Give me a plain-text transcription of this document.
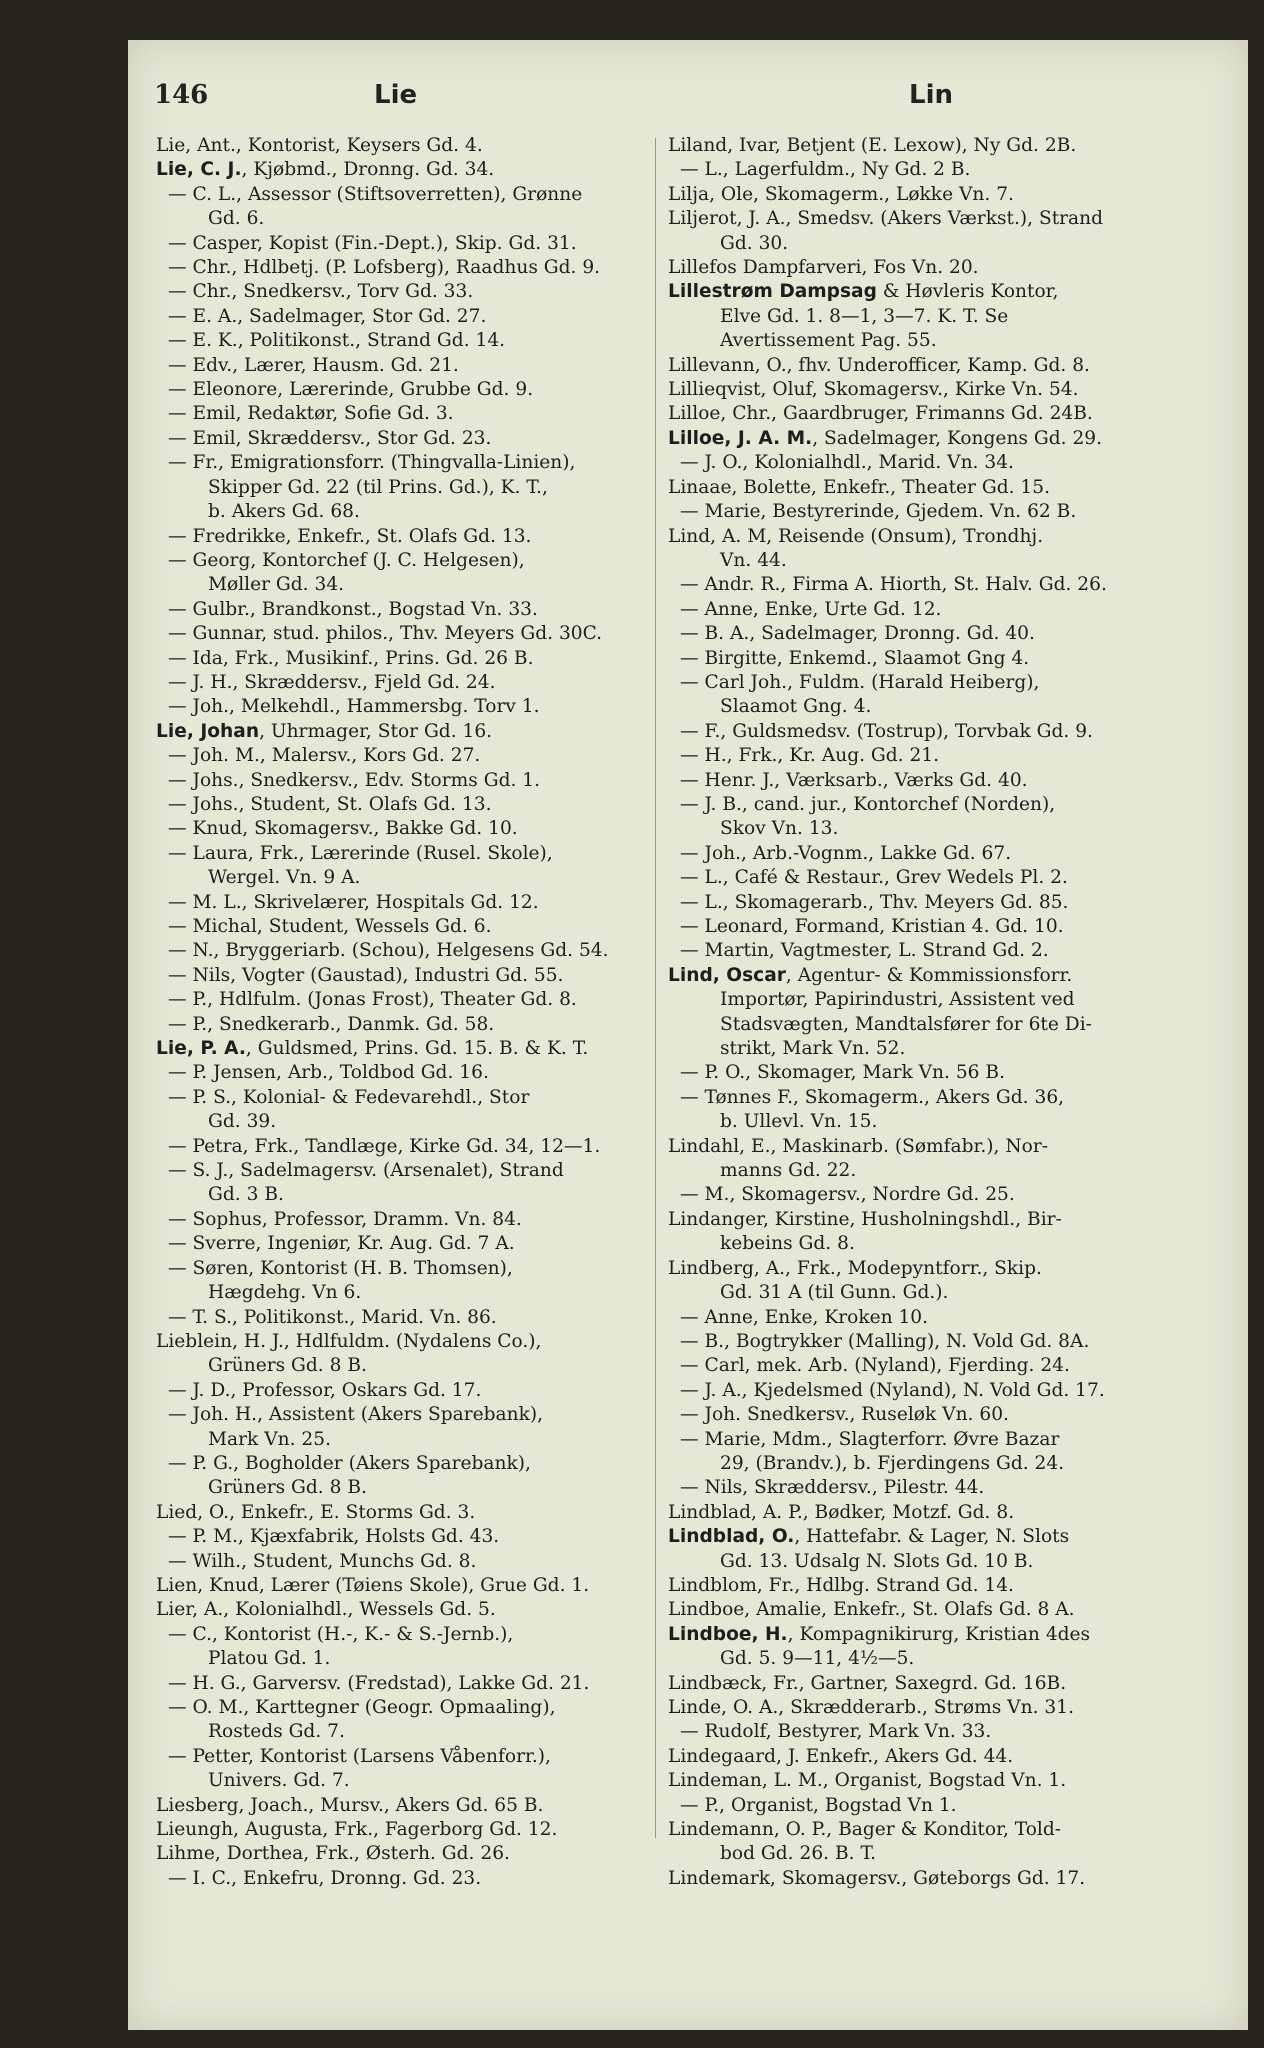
146	Lie	Lin
Lie, Ant., Kontorist, Keysers Gd. 4.
Lie, C. J., Kjøbmd., Dronng. Gd. 34.
— C. L., Assessor (Stiftsoverretten), Grønne
Gd. 6.
— Casper, Kopist (Fin.-Dept.), Skip. Gd. 31.
— Chr., Hdlbetj. (P. Lofsberg), Raadhus Gd. 9.
— Chr., Snedkersv., Torv Gd. 33.
— E. A., Sadelmager, Stor Gd. 27.
— E. K., Politikonst., Strand Gd. 14.
— Edv., Lærer, Hausm. Gd. 21.
— Eleonore, Lærerinde, Grubbe Gd. 9.
— Emil, Redaktør, Sofie Gd. 3.
— Emil, Skræddersv., Stor Gd. 23.
— Fr., Emigrationsforr. (Thingvalla-Linien),
Skipper Gd. 22 (til Prins. Gd.), K. T.,
b. Akers Gd. 68.
— Fredrikke, Enkefr., St. Olafs Gd. 13.
— Georg, Kontorchef (J. C. Helgesen),
Møller Gd. 34.
— Gulbr., Brandkonst., Bogstad Vn. 33.
— Gunnar, stud. philos., Thv. Meyers Gd. 30C.
— Ida, Frk., Musikinf., Prins. Gd. 26 B.
— J. H., Skræddersv., Fjeld Gd. 24.
— Joh., Melkehdl., Hammersbg. Torv 1.
Lie, Johan, Uhrmager, Stor Gd. 16.
— Joh. M., Malersv., Kors Gd. 27.
— Johs., Snedkersv., Edv. Storms Gd. 1.
— Johs., Student, St. Olafs Gd. 13.
— Knud, Skomagersv., Bakke Gd. 10.
— Laura, Frk., Lærerinde (Rusel. Skole),
Wergel. Vn. 9 A.
— M. L., Skrivelærer, Hospitals Gd. 12.
— Michal, Student, Wessels Gd. 6.
— N., Bryggeriarb. (Schou), Helgesens Gd. 54.
— Nils, Vogter (Gaustad), Industri Gd. 55.
— P., Hdlfulm. (Jonas Frost), Theater Gd. 8.
— P., Snedkerarb., Danmk. Gd. 58.
Lie, P. A., Guldsmed, Prins. Gd. 15. B. & K. T.
— P. Jensen, Arb., Toldbod Gd. 16.
— P. S., Kolonial- & Fedevarehdl., Stor
Gd. 39.
— Petra, Frk., Tandlæge, Kirke Gd. 34, 12—1.
— S. J., Sadelmagersv. (Arsenalet), Strand
Gd. 3 B.
— Sophus, Professor, Dramm. Vn. 84.
— Sverre, Ingeniør, Kr. Aug. Gd. 7 A.
— Søren, Kontorist (H. B. Thomsen),
Hægdehg. Vn 6.
— T. S., Politikonst., Marid. Vn. 86.
Lieblein, H. J., Hdlfuldm. (Nydalens Co.),
Grüners Gd. 8 B.
— J. D., Professor, Oskars Gd. 17.
— Joh. H., Assistent (Akers Sparebank),
Mark Vn. 25.
— P. G., Bogholder (Akers Sparebank),
Grüners Gd. 8 B.
Lied, O., Enkefr., E. Storms Gd. 3.
— P. M., Kjæxfabrik, Holsts Gd. 43.
— Wilh., Student, Munchs Gd. 8.
Lien, Knud, Lærer (Tøiens Skole), Grue Gd. 1.
Lier, A., Kolonialhdl., Wessels Gd. 5.
— C., Kontorist (H.-, K.- & S.-Jernb.),
Platou Gd. 1.
— H. G., Garversv. (Fredstad), Lakke Gd. 21.
— O. M., Karttegner (Geogr. Opmaaling),
Rosteds Gd. 7.
— Petter, Kontorist (Larsens Våbenforr.),
Univers. Gd. 7.
Liesberg, Joach., Mursv., Akers Gd. 65 B.
Lieungh, Augusta, Frk., Fagerborg Gd. 12.
Lihme, Dorthea, Frk., Østerh. Gd. 26.
— I. C., Enkefru, Dronng. Gd. 23.
Liland, Ivar, Betjent (E. Lexow), Ny Gd. 2B.
— L., Lagerfuldm., Ny Gd. 2 B.
Lilja, Ole, Skomagerm., Løkke Vn. 7.
Liljerot, J. A., Smedsv. (Akers Værkst.), Strand
Gd. 30.
Lillefos Dampfarveri, Fos Vn. 20.
Lillestrøm Dampsag & Høvleris Kontor,
Elve Gd. 1. 8—1, 3—7. K. T. Se
Avertissement Pag. 55.
Lillevann, O., fhv. Underofficer, Kamp. Gd. 8.
Lillieqvist, Oluf, Skomagersv., Kirke Vn. 54.
Lilloe, Chr., Gaardbruger, Frimanns Gd. 24B.
Lilloe, J. A. M., Sadelmager, Kongens Gd. 29.
— J. O., Kolonialhdl., Marid. Vn. 34.
Linaae, Bolette, Enkefr., Theater Gd. 15.
— Marie, Bestyrerinde, Gjedem. Vn. 62 B.
Lind, A. M, Reisende (Onsum), Trondhj.
Vn. 44.
— Andr. R., Firma A. Hiorth, St. Halv. Gd. 26.
— Anne, Enke, Urte Gd. 12.
— B. A., Sadelmager, Dronng. Gd. 40.
— Birgitte, Enkemd., Slaamot Gng 4.
— Carl Joh., Fuldm. (Harald Heiberg),
Slaamot Gng. 4.
— F., Guldsmedsv. (Tostrup), Torvbak Gd. 9.
— H., Frk., Kr. Aug. Gd. 21.
— Henr. J., Værksarb., Værks Gd. 40.
— J. B., cand. jur., Kontorchef (Norden),
Skov Vn. 13.
— Joh., Arb.-Vognm., Lakke Gd. 67.
— L., Café & Restaur., Grev Wedels Pl. 2.
— L., Skomagerarb., Thv. Meyers Gd. 85.
— Leonard, Formand, Kristian 4. Gd. 10.
— Martin, Vagtmester, L. Strand Gd. 2.
Lind, Oscar, Agentur- & Kommissionsforr.
Importør, Papirindustri, Assistent ved
Stadsvægten, Mandtalsfører for 6te Di-
strikt, Mark Vn. 52.
— P. O., Skomager, Mark Vn. 56 B.
— Tønnes F., Skomagerm., Akers Gd. 36,
b. Ullevl. Vn. 15.
Lindahl, E., Maskinarb. (Sømfabr.), Nor-
manns Gd. 22.
— M., Skomagersv., Nordre Gd. 25.
Lindanger, Kirstine, Husholningshdl., Bir-
kebeins Gd. 8.
Lindberg, A., Frk., Modepyntforr., Skip.
Gd. 31 A (til Gunn. Gd.).
— Anne, Enke, Kroken 10.
— B., Bogtrykker (Malling), N. Vold Gd. 8A.
— Carl, mek. Arb. (Nyland), Fjerding. 24.
— J. A., Kjedelsmed (Nyland), N. Vold Gd. 17.
— Joh. Snedkersv., Ruseløk Vn. 60.
— Marie, Mdm., Slagterforr. Øvre Bazar
29, (Brandv.), b. Fjerdingens Gd. 24.
— Nils, Skræddersv., Pilestr. 44.
Lindblad, A. P., Bødker, Motzf. Gd. 8.
Lindblad, O., Hattefabr. & Lager, N. Slots
Gd. 13. Udsalg N. Slots Gd. 10 B.
Lindblom, Fr., Hdlbg. Strand Gd. 14.
Lindboe, Amalie, Enkefr., St. Olafs Gd. 8 A.
Lindboe, H., Kompagnikirurg, Kristian 4des
Gd. 5. 9—11, 4½—5.
Lindbæck, Fr., Gartner, Saxegrd. Gd. 16B.
Linde, O. A., Skrædderarb., Strøms Vn. 31.
— Rudolf, Bestyrer, Mark Vn. 33.
Lindegaard, J. Enkefr., Akers Gd. 44.
Lindeman, L. M., Organist, Bogstad Vn. 1.
— P., Organist, Bogstad Vn 1.
Lindemann, O. P., Bager & Konditor, Told-
bod Gd. 26. B. T.
Lindemark, Skomagersv., Gøteborgs Gd. 17.
